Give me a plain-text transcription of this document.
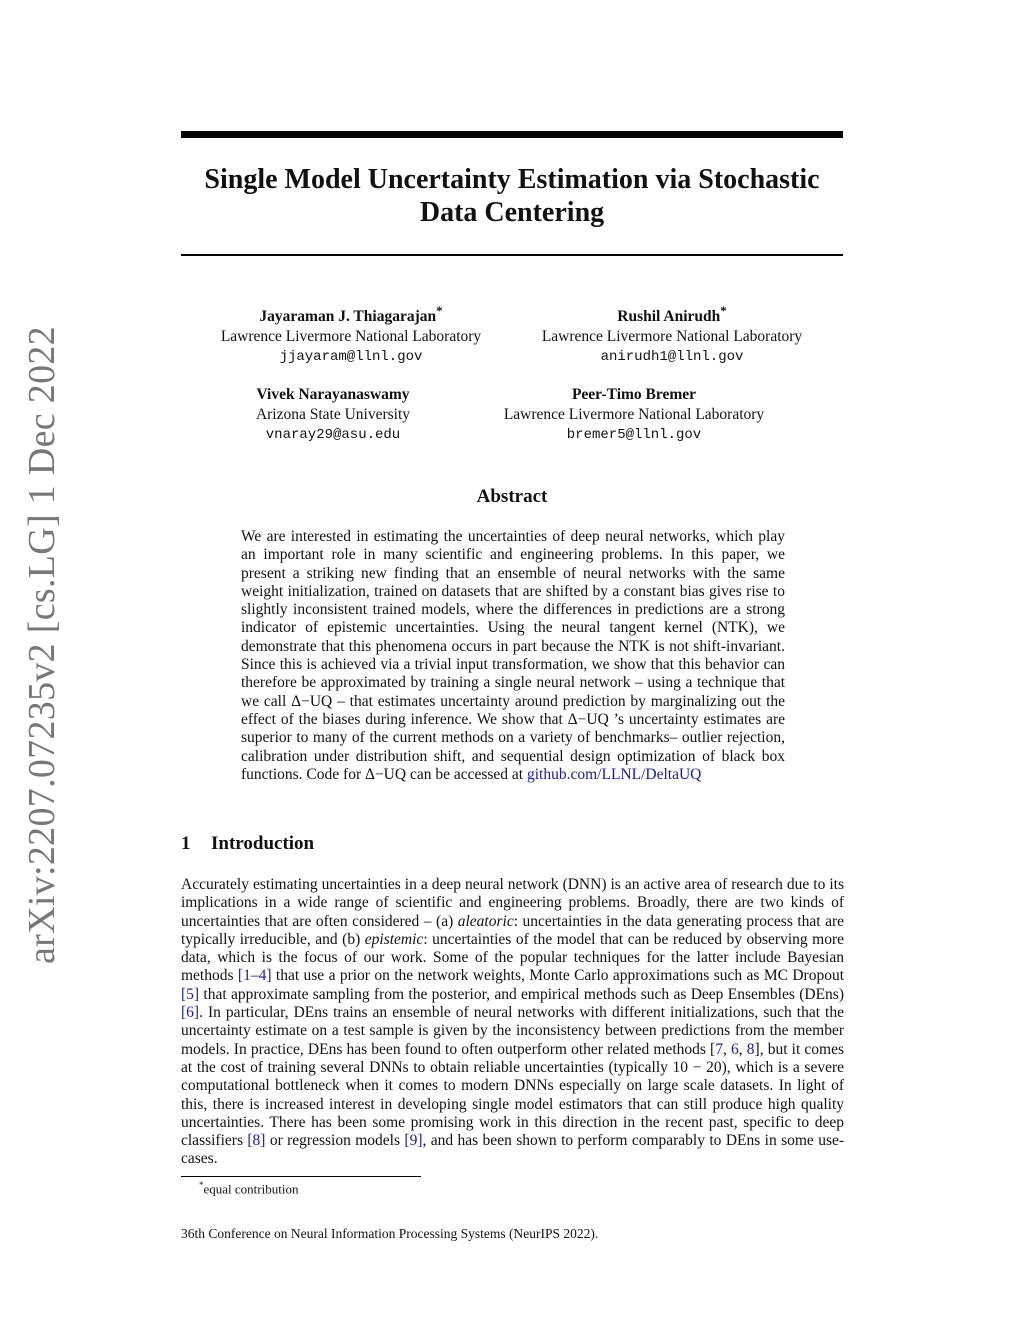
arXiv:2207.07235v2 [cs.LG] 1 Dec 2022
Single Model Uncertainty Estimation via Stochastic Data Centering
Jayaraman J. Thiagarajan*
Lawrence Livermore National Laboratory
jjayaram@llnl.gov
Rushil Anirudh*
Lawrence Livermore National Laboratory
anirudh1@llnl.gov
Vivek Narayanaswamy
Arizona State University
vnaray29@asu.edu
Peer-Timo Bremer
Lawrence Livermore National Laboratory
bremer5@llnl.gov
Abstract

We are interested in estimating the uncertainties of deep neural networks, which play an important role in many scientific and engineering problems. In this paper, we present a striking new finding that an ensemble of neural networks with the same weight initialization, trained on datasets that are shifted by a constant bias gives rise to slightly inconsistent trained models, where the differences in predictions are a strong indicator of epistemic uncertainties. Using the neural tangent kernel (NTK), we demonstrate that this phenomena occurs in part because the NTK is not shift-invariant. Since this is achieved via a trivial input transformation, we show that this behavior can therefore be approximated by training a single neural network – using a technique that we call Δ−UQ – that estimates uncertainty around prediction by marginalizing out the effect of the biases during inference. We show that Δ−UQ ’s uncertainty estimates are superior to many of the current methods on a variety of benchmarks– outlier rejection, calibration under distribution shift, and sequential design optimization of black box functions. Code for Δ−UQ can be accessed at github.com/LLNL/DeltaUQ

1 Introduction

Accurately estimating uncertainties in a deep neural network (DNN) is an active area of research due to its implications in a wide range of scientific and engineering problems. Broadly, there are two kinds of uncertainties that are often considered – (a) aleatoric: uncertainties in the data generating process that are typically irreducible, and (b) epistemic: uncertainties of the model that can be reduced by observing more data, which is the focus of our work. Some of the popular techniques for the latter include Bayesian methods [1–4] that use a prior on the network weights, Monte Carlo approximations such as MC Dropout [5] that approximate sampling from the posterior, and empirical methods such as Deep Ensembles (DEns) [6]. In particular, DEns trains an ensemble of neural networks with different initializations, such that the uncertainty estimate on a test sample is given by the inconsistency between predictions from the member models. In practice, DEns has been found to often outperform other related methods [7, 6, 8], but it comes at the cost of training several DNNs to obtain reliable uncertainties (typically 10 − 20), which is a severe computational bottleneck when it comes to modern DNNs especially on large scale datasets. In light of this, there is increased interest in developing single model estimators that can still produce high quality uncertainties. There has been some promising work in this direction in the recent past, specific to deep classifiers [8] or regression models [9], and has been shown to perform comparably to DEns in some use-cases.

*equal contribution

36th Conference on Neural Information Processing Systems (NeurIPS 2022).
